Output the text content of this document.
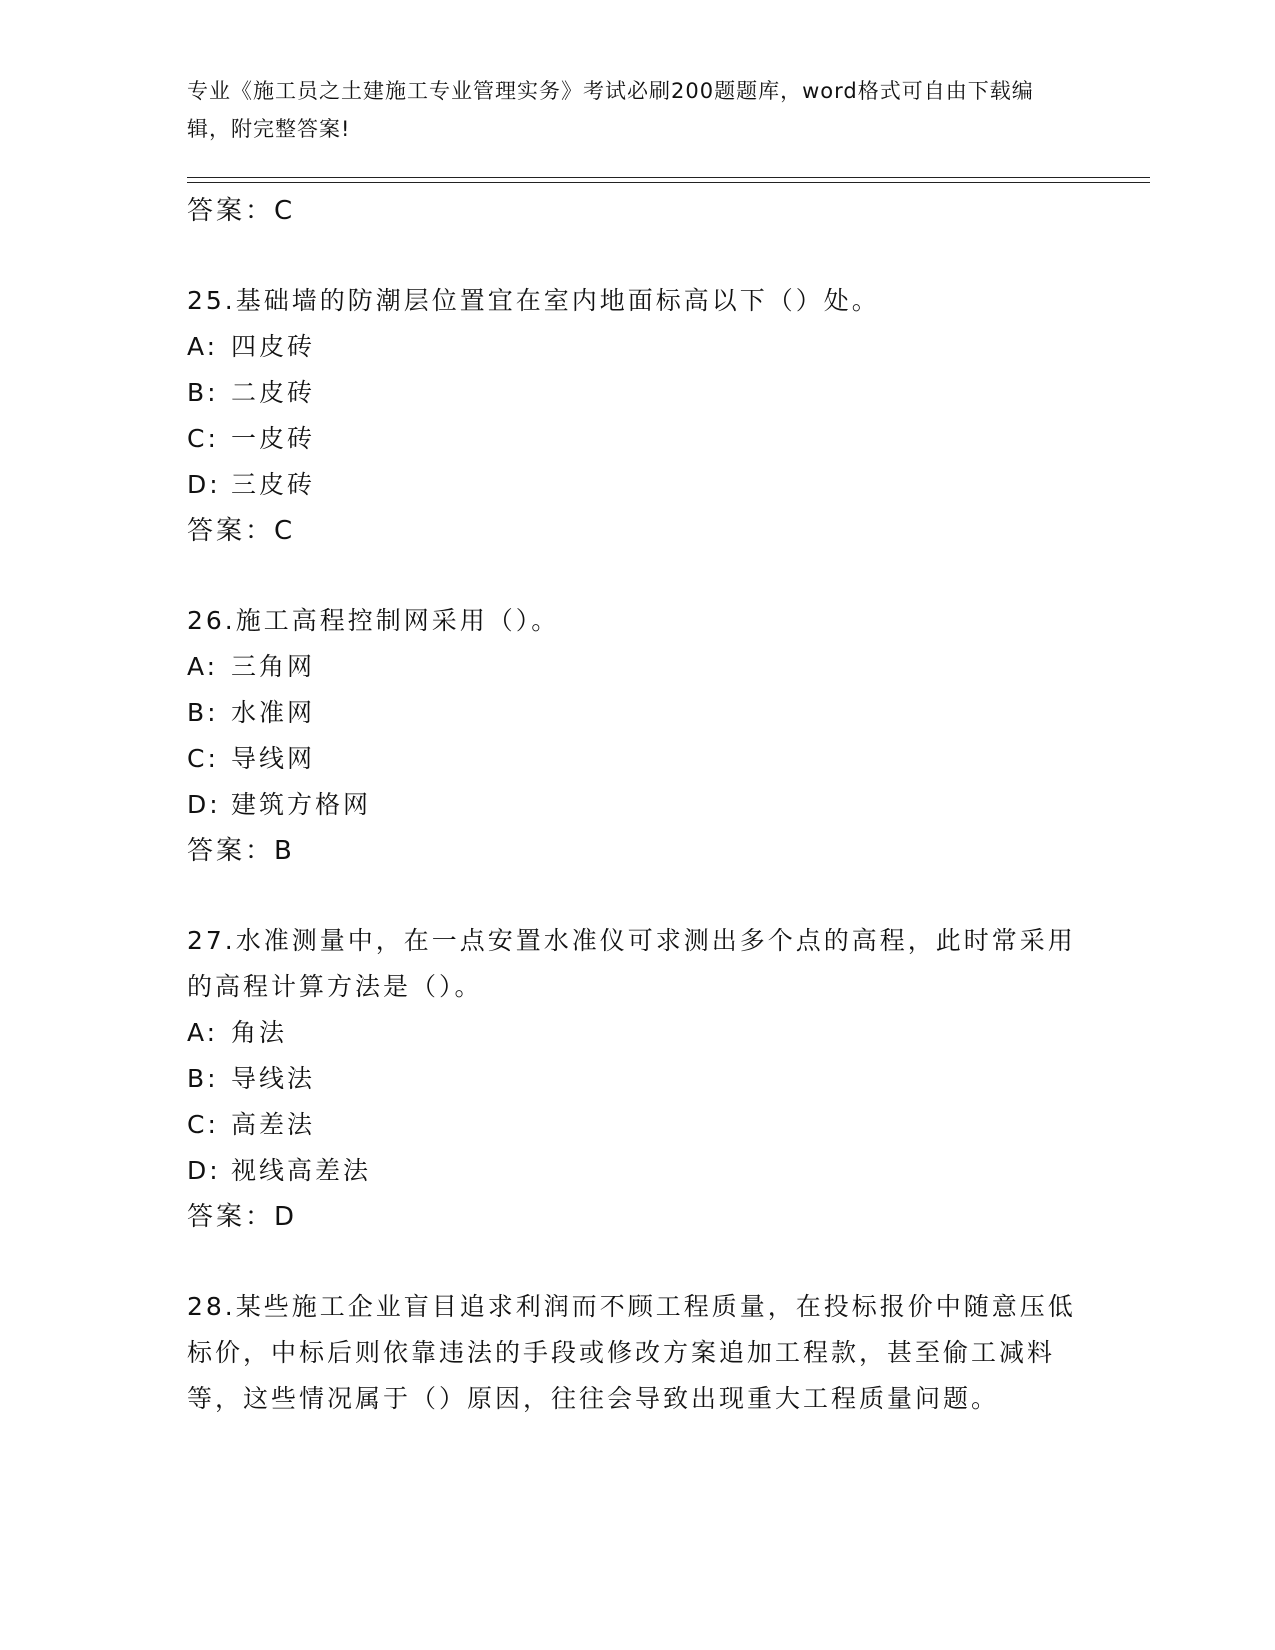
专业《施工员之土建施工专业管理实务》考试必刷200题题库，word格式可自由下载编辑，附完整答案!
答案：C
25.基础墙的防潮层位置宜在室内地面标高以下（）处。
A: 四皮砖
B: 二皮砖
C: 一皮砖
D: 三皮砖
答案：C
26.施工高程控制网采用（）。
A: 三角网
B: 水准网
C: 导线网
D: 建筑方格网
答案：B
27.水准测量中，在一点安置水准仪可求测出多个点的高程，此时常采用的高程计算方法是（）。
A: 角法
B: 导线法
C: 高差法
D: 视线高差法
答案：D
28.某些施工企业盲目追求利润而不顾工程质量，在投标报价中随意压低标价，中标后则依靠违法的手段或修改方案追加工程款，甚至偷工减料等，这些情况属于（）原因，往往会导致出现重大工程质量问题。
